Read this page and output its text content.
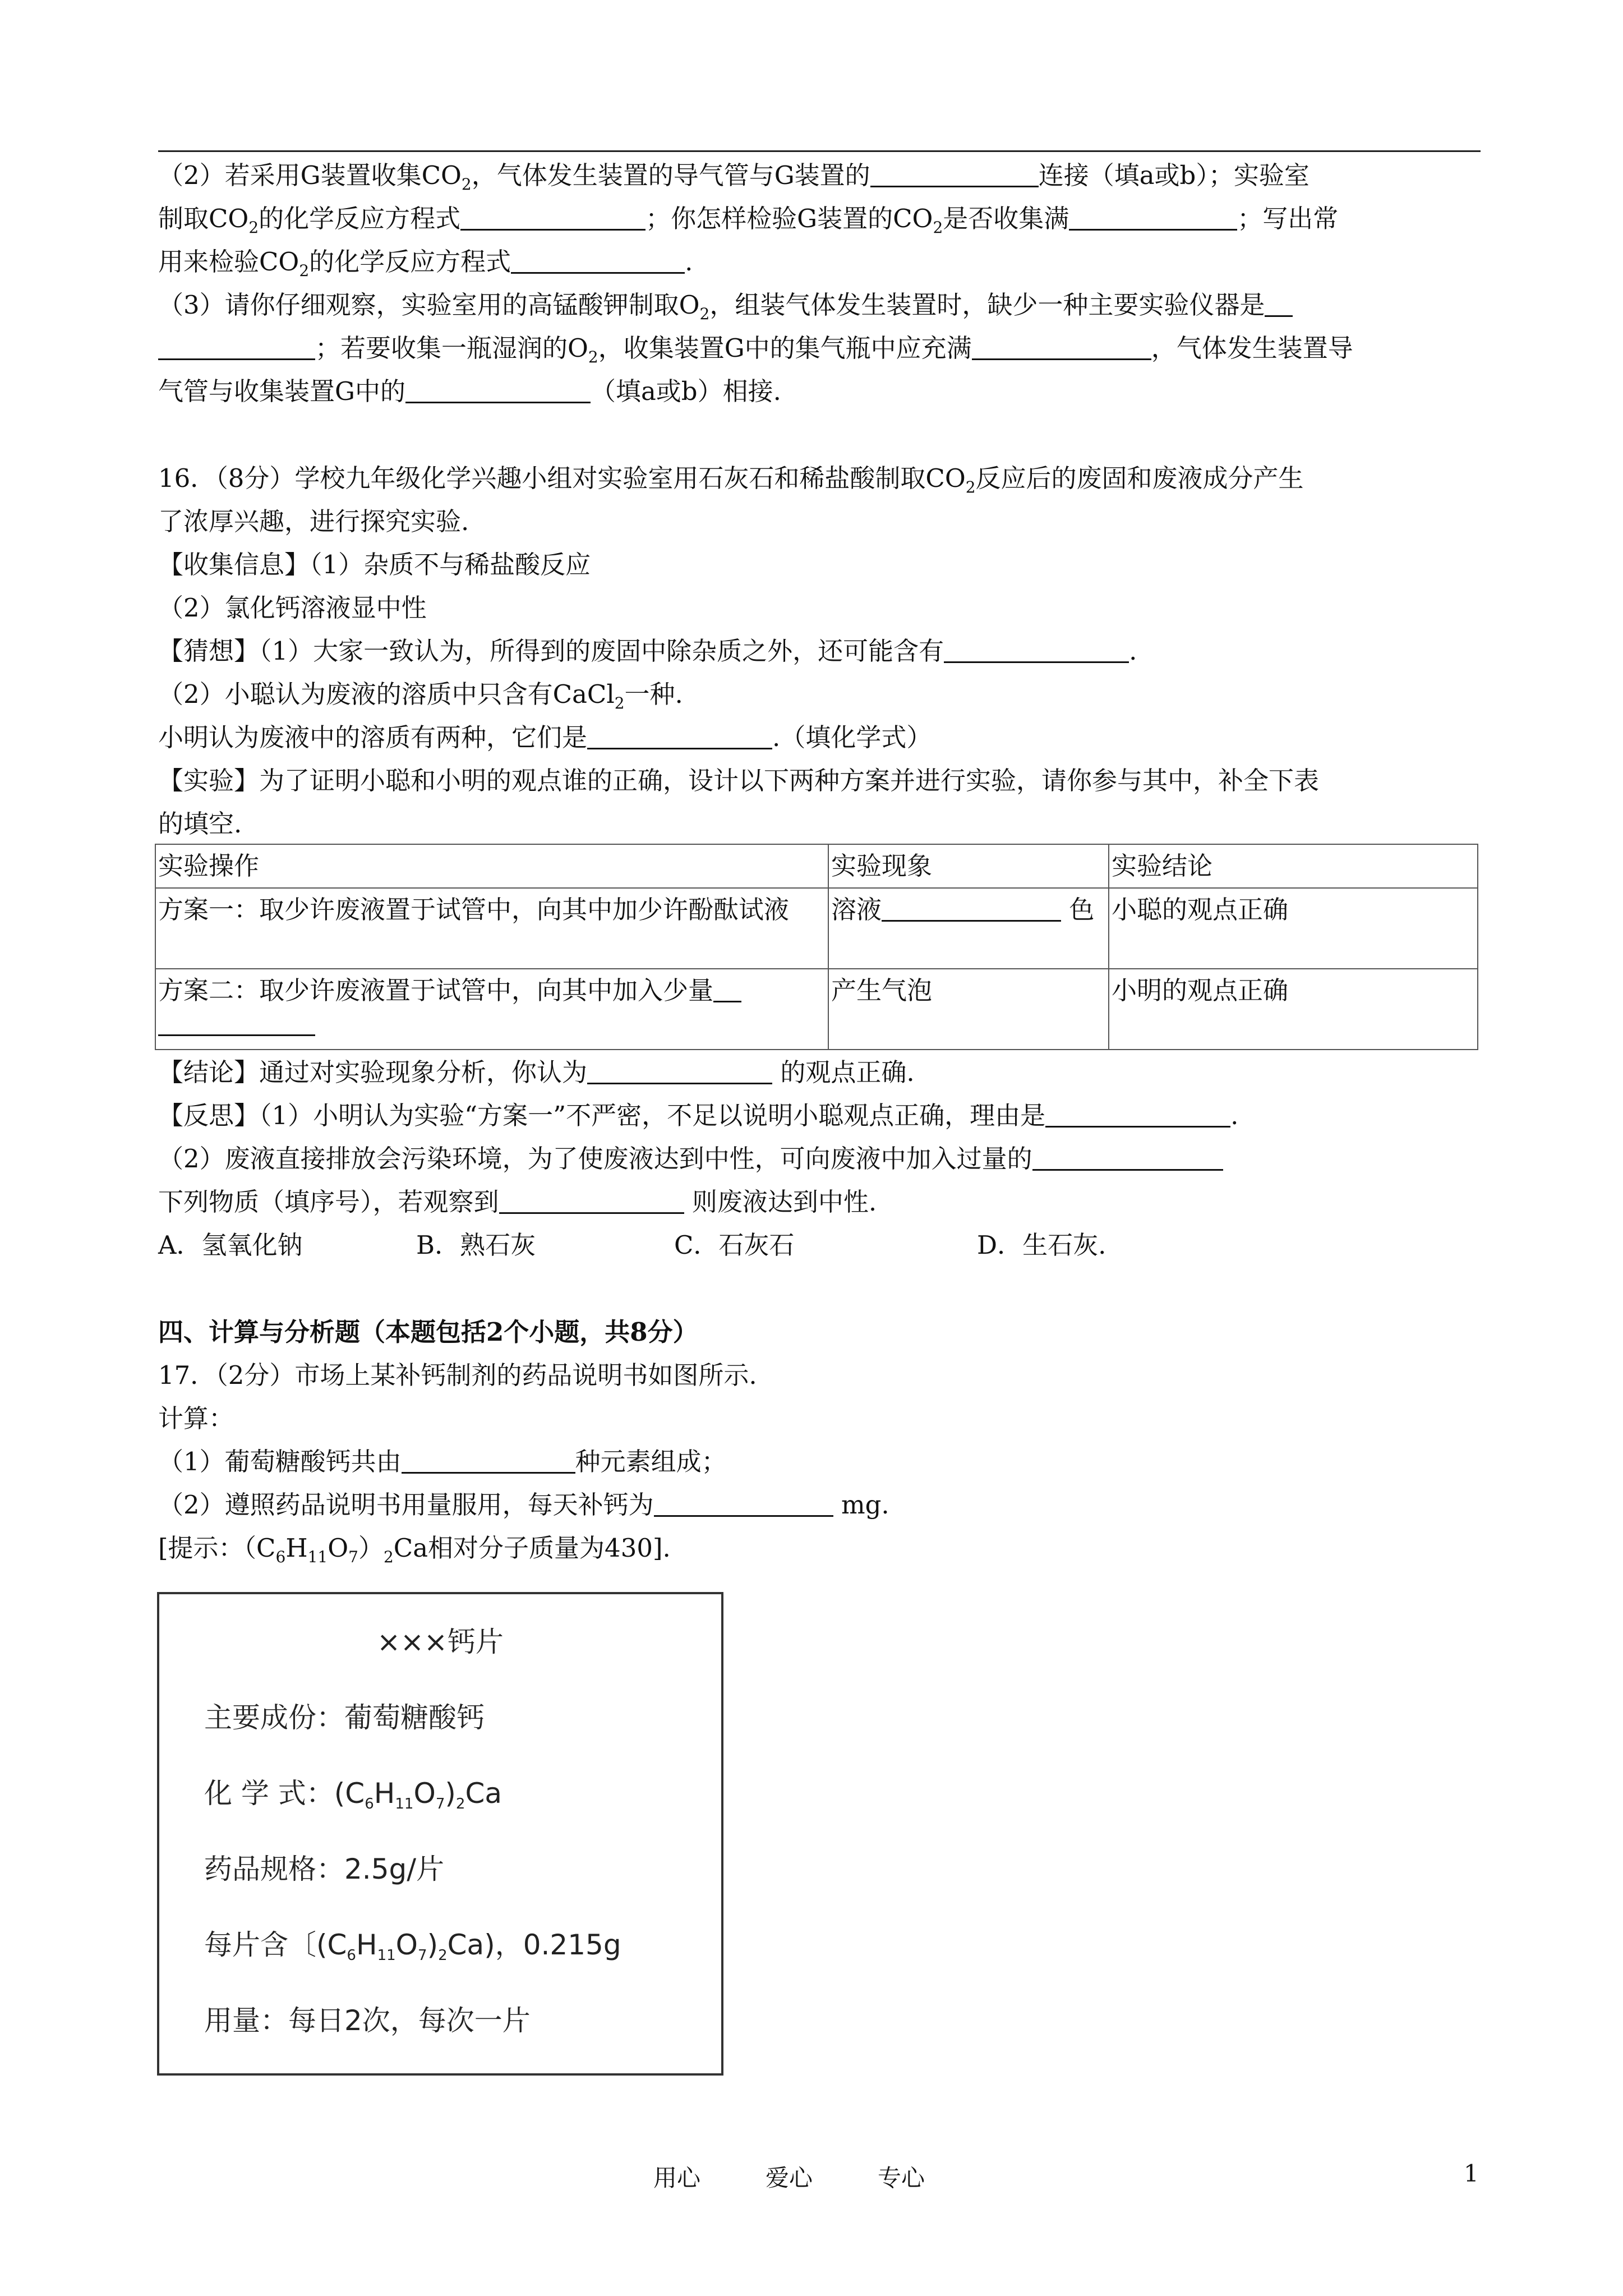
（2）若采用G装置收集$CO_2$，气体发生装置的导气管与G装置的	连接（填a或b）；实验室
制取$CO_2$的化学反应方程式	；你怎样检验G装置的$CO_2$是否收集满	；写出常
用来检验$CO_2$的化学反应方程式	.
（3）请你仔细观察，实验室用的高锰酸钾制取$O_2$，组装气体发生装置时，缺少一种主要实验仪器是
；若要收集一瓶湿润的$O_2$，收集装置G中的集气瓶中应充满	，气体发生装置导
气管与收集装置G中的	（填a或b）相接.
16．（8分）学校九年级化学兴趣小组对实验室用石灰石和稀盐酸制取$CO_2$反应后的废固和废液成分产生
了浓厚兴趣，进行探究实验.
【收集信息】（1）杂质不与稀盐酸反应
（2）氯化钙溶液显中性
【猜想】（1）大家一致认为，所得到的废固中除杂质之外，还可能含有	.
（2）小聪认为废液的溶质中只含有CaCl$_2$一种.
小明认为废液中的溶质有两种，它们是	.（填化学式）
【实验】为了证明小聪和小明的观点谁的正确，设计以下两种方案并进行实验，请你参与其中，补全下表
的填空.
实验操作	实验现象	实验结论
方案一：取少许废液置于试管中，向其中加少许酚酞试液	溶液 色	小聪的观点正确
方案二：取少许废液置于试管中，向其中加入少量	产生气泡	小明的观点正确
【结论】通过对实验现象分析，你认为	的观点正确.
【反思】（1）小明认为实验“方案一”不严密，不足以说明小聪观点正确，理由是	.
（2）废液直接排放会污染环境，为了使废液达到中性，可向废液中加入过量的
下列物质（填序号），若观察到	则废液达到中性.
A．氢氧化钠	B．熟石灰	C．石灰石	D．生石灰.
四、计算与分析题（本题包括2个小题，共8分）
17．（2分）市场上某补钙制剂的药品说明书如图所示.
计算：
（1）葡萄糖酸钙共由	种元素组成；
（2）遵照药品说明书用量服用，每天补钙为	mg.
[提示：$(C_6H_{11}O_7)_2Ca$相对分子质量为430].
×××钙片
主要成份：葡萄糖酸钙
化 学 式：$(C_6H_{11}O_7)_2Ca$
药品规格：2.5g/片
每片含〔$(C_6H_{11}O_7)_2Ca$)，0.215g
用量：每日2次，每次一片
用心	爱心	专心	1
